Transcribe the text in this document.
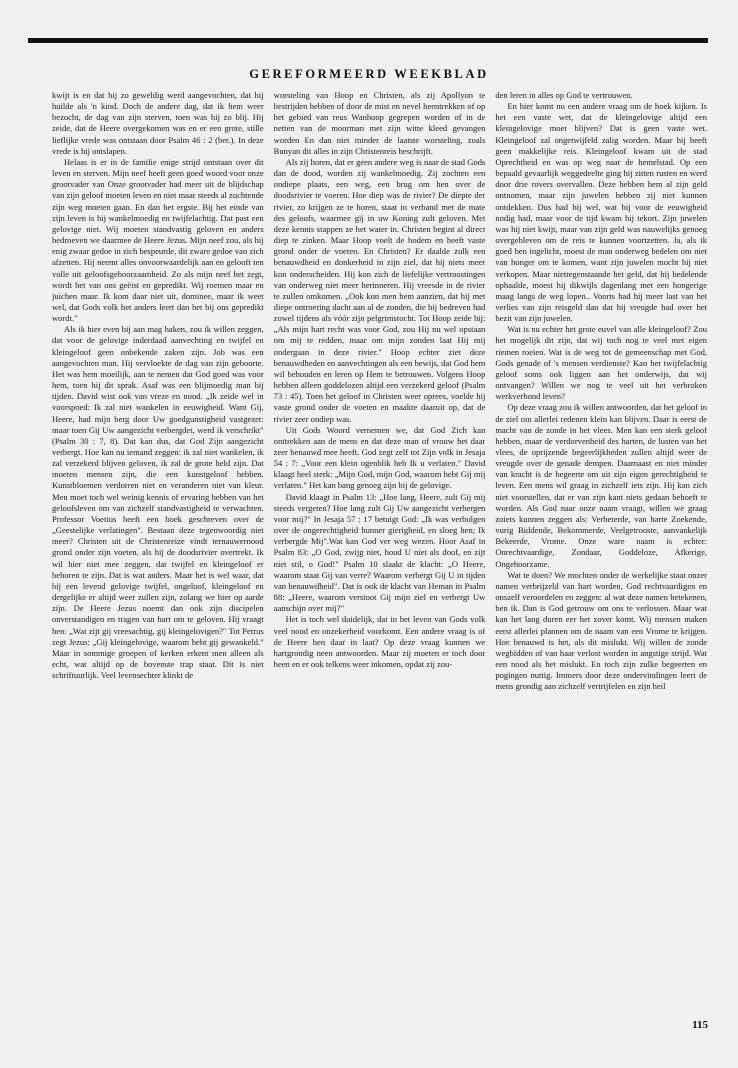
GEREFORMEERD WEEKBLAD

kwijt is en dat hij zo geweldig werd aangevochten, dat hij huilde als 'n kind. Doch de andere dag, dat ik hem weer bezocht, de dag van zijn sterven, toen was hij zo blij. Hij zeide, dat de Heere overgekomen was en er een grote, stille lieflijke vrede was ontstaan door Psalm 46 : 2 (ber.). In deze vrede is hij ontslapen.

Helaas is er in de familie enige strijd ontstaan over dit leven en sterven. Mijn neef heeft geen goed woord voor onze grootvader van Onze grootvader had meer uit de blijdschap van zijn geloof moeten leven en niet maar steeds al zuchtende zijn weg moeten gaan. En dan het ergste. Bij het einde van zijn leven is hij wankelmoedig en twijfelachtig. Dat past een gelovige niet. Wij moeten standvastig geloven en anders bedroeven we daarmee de Heere Jezus. Mijn neef zou, als hij enig zwaar gedoe in zich bespeurde, dit zware gedoe van zich afzetten. Hij neemt alles onvoorwaardelijk aan en gelooft ten volle uit geloofsgehoorzaamheid. Zo als mijn neef het zegt, wordt het van ons geëist en gepredikt. Wij roemen maar en juichen maar. Ik kom daar niet uit, dominee, maar ik weet wel, dat Gods volk het anders leert dan het bij ons gepredikt wordt."

Als ik hier even bij aan mag haken, zou ik willen zeggen, dat voor de gelovige inderdaad aanvechting en twijfel en kleingeloof geen onbekende zaken zijn. Job was een aangevochten man. Hij vervloekte de dag van zijn geboorte. Het was hem moeilijk, aan te nemen dat God goed was voor hem, toen hij dit sprak. Asaf was een blijmoedig man bij tijden. David wist ook van vreze en nood. „Ik zeide wel in voorspoed: Ik zal niet wankelen in eeuwigheid. Want Gij, Heere, had mijn berg door Uw goedgunstigheid vastgezet: maar toen Gij Uw aangezicht verbergdet, werd ik verschrikt" (Psalm 30 : 7, 8). Dat kan dus, dat God Zijn aangezicht verbergt. Hoe kan nu iemand zeggen: ik zal niet wankelen, ik zal verzekerd blijven geloven, ik zal de grote held zijn. Dat moeten mensen zijn, die een kunstgeloof hebben. Kunstbloemen verdorren niet en veranderen niet van kleur. Men moet toch wel weinig kennis of ervaring hebben van het geloofsleven om van zichzelf standvastigheid te verwachten. Professor Voetius heeft een boek geschreven over de „Geestelijke verlatingen". Bestaan deze tegenwoordig niet meer? Christen uit de Christenreize vindt ternauwernood grond onder zijn voeten, als hij de doodsrivier overtrekt. Ik wil hier niet mee zeggen, dat twijfel en kleingeloof er behoren te zijn. Dat is wat anders. Maar het is wel waar, dat bij een levend gelovige twijfel, ongeloof, kleingeloof en dergelijke er altijd weer zullen zijn, zolang we hier op aarde zijn. De Heere Jezus noemt dan ook zijn discipelen onverstandigen en tragen van hart om te geloven. Hij vraagt hen: „Wat zijt gij vreesachtig, gij kleingelovigen?" Tot Petrus zegt Jezus: „Gij kleingelovige, waarom hebt gij gewankeld." Maar in sommige groepen of kerken erkent men alleen als echt, wat altijd op de bovenste trap staat. Dit is niet schriftuurlijk. Veel levensechter klinkt de

worsteling van Hoop en Christen, als zij Apollyon te bestrijden hebben of door de mist en nevel heentrekken of op het gebied van reus Wanhoop gegrepen worden of in de netten van de moorman met zijn witte kleed gevangen worden En dan niet minder de laatste worsteling, zoals Bunyan dit alles in zijn Christenreis beschrijft.

Als zij horen, dat er geen andere weg is naar de stad Gods dan de dood, worden zij wankelmoedig. Zij zochten een ondiepe plaats, een weg, een brug om hen over de doodsrivier te voeren. Hoe diep was de rivier? De diepte der rivier, zo krijgen ze te horen, staat in verband met de mate des geloofs, waarmee gij in uw Koning zult geloven. Met deze kennis stappen ze het water in. Christen begint al direct diep te zinken. Maar Hoop voelt de bodem en heeft vaste grond onder de voeten. En Christen? Er daalde zulk een benauwdheid en donkerheid in zijn ziel, dat hij niets meer kon onderscheiden. Hij kon zich de liefelijke vertroostingen van onderweg niet meer herinneren. Hij vreesde in de rivier te zullen omkomen. „Ook kon men hem aanzien, dat hij met diepe ontroering dacht aan al de zonden, die hij bedreven had zowel tijdens als vóór zijn pelgrimstocht. Tot Hoop zeide hij: „Als mijn hart recht was voor God, zou Hij nu wel opstaan om mij te redden, maar om mijn zonden laat Hij mij ondergaan in deze rivier." Hoop echter ziet deze benauwdheden en aanvechtingen als een bewijs, dat God hem wil behouden en leren op Hem te betrouwen. Volgens Hoop hebben alleen goddelozen altijd een verzekerd geloof (Psalm 73 : 45). Toen het geloof in Christen weer oprees, voelde hij vaste grond onder de voeten en maakte daaruit op, dat de rivier zeer ondiep was.

Uit Gods Woord vernemen we, dat God Zich kan onttrekken aan de mens en dat deze man of vrouw het daar zeer benauwd mee heeft. God zegt zelf tot Zijn volk in Jesaja 54 : 7: „Voor een klein ogenblik heb Ik u verlaten." David klaagt heel sterk: „Mijn God, mijn God, waarom hebt Gij mij verlaten." Het kan bang genoeg zijn bij de gelovige.

David klaagt in Psalm 13: „Hoe lang, Heere, zult Gij mij steeds vergeten? Hoe lang zult Gij Uw aangezicht verbergen voor mij?" In Jesaja 57 : 17 betuigt God: „Ik was verbolgen over de ongerechtigheid hunner gierigheid, en sloeg hen; Ik verbergde Mij".Wat kan God ver weg wezen. Hoor Asaf in Psalm 83: „O God, zwijg niet, houd U niet als doof, en zijt niet stil, o God!" Psalm 10 slaakt de klacht: „O Heere, waarom staat Gij van verre? Waarom verbergt Gij U in tijden van benauwdheid". Dat is ook de klacht van Heman in Psalm 88: „Heere, waarom verstoot Gij mijn ziel en verbergt Uw aanschijn over mij?"

Het is toch wel duidelijk, dat in het leven van Gods volk veel nood en onzekerheid voorkomt. Een andere vraag is of de Heere hen daar in laat? Op deze vraag kunnen we hartgrondig neen antwoorden. Maar zij moeten er toch door heen en er ook telkens weer inkomen, opdat zij zou-

den leren in alles op God te vertrouwen.

En hier komt nu een andere vraag om de hoek kijken. Is het een vaste wet, dat de kleingelovige altijd een kleingelovige moet blijven? Dat is geen vaste wet. Kleingeloof zal ongetwijfeld zalig worden. Maar hij heeft geen makkelijke reis. Kleingeloof kwam uit de stad Oprechtheid en was op weg naar de hemelstad. Op een bepaald gevaarlijk weggedeelte ging hij zitten rusten en werd door drie rovers overvallen. Deze hebben hem al zijn geld ontnomen, maar zijn juwelen hebben zij niet kunnen ontdekken. Dus had hij wel, wat hij voor de eeuwigheid nodig had, maar voor de tijd kwam hij tekort. Zijn juwelen was hij niet kwijt, maar van zijn geld was nauwelijks genoeg overgebleven om de reis te kunnen voortzetten. Ja, als ik goed ben ingelicht, moest de man onderweg bedelen om niet van honger om te komen, want zijn juwelen mocht hij niet verkopen. Maar niettegenstaande het geld, dat hij bedelende ophaalde, moest hij dikwijls dagenlang met een hongerige maag langs de weg lopen.. Voorts had hij meer last van het verlies van zijn reisgeld dan dat hij vreugde had over het bezit van zijn juwelen.

Wat is nu echter het grote euvel van alle kleingeloof? Zou het mogelijk dit zijn, dat wij toch nog te veel met eigen riemen roeien. Wat is de weg tot de gemeenschap met God, Gods genade of 's mensen verdienste? Kan het twijfelachtig geloof soms ook liggen aan het onderwijs, dat wij ontvangen? Willen we nog te veel uit het verbroken werkverbond leven?

Op deze vraag zou ik willen antwoorden, dat het geloof in de ziel om allerlei redenen klein kan blijven. Daar is eerst de macht van de zonde in het vlees. Men kan een sterk geloof hebben, maar de verdorvenheid des harten, de lusten van het vlees, de oprijzende begeerlijkheden zullen altijd weer de vreugde over de genade dempen. Daarnaast en niet minder van kracht is de begeerte om uit zijn eigen gerechtigheid te leven. Een mens wil graag in zichzelf iets zijn. Hij kan zich niet voorstellen, dat er van zijn kant niets gedaan behoeft te worden. Als God naar onze naam vraagt, willen we graag zoiets kunnen zeggen als: Verbeterde, van harte Zoekende, vurig Biddende, Bekommerde, Veelgetrooste, aanvankelijk Bekeerde, Vrome. Onze ware naam is echter: Onrechtvaardige, Zondaar, Goddeloze, Afkerige, Ongehoorzame.

Wat te doen? We mochten onder de werkelijke staat onzer namen verbrijzeld van hart worden, God rechtvaardigen en onszelf veroordelen en zeggen: al wat deze namen betekenen, ben ik. Dan is God getrouw om ons te verlossen. Maar wat kan het lang duren eer het zover komt. Wij mensen maken eerst allerlei plannen om de naam van een Vrome te krijgen. Hoe benauwd is het, als dit mislukt. Wij willen de zonde wegbidden of van haar verlost worden in angstige strijd. Wat een nood als het mislukt. En toch zijn zulke begeerten en pogingen nuttig. Immers door deze ondervindingen leert de mens grondig aan zichzelf vertrijfelen en zijn heil

115
